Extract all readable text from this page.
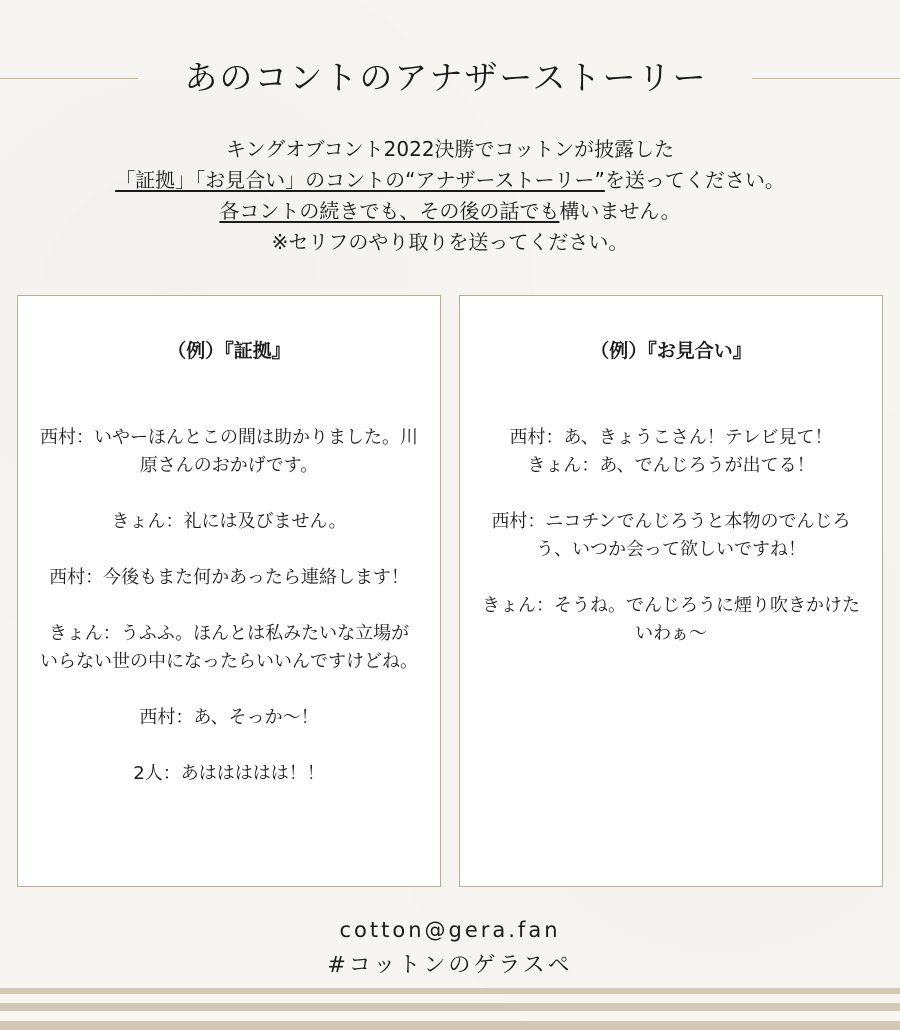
あのコントのアナザーストーリー
キングオブコント2022決勝でコットンが披露した
「証拠」「お見合い」のコントの“アナザーストーリー”を送ってください。
各コントの続きでも、その後の話でも構いません。
※セリフのやり取りを送ってください。
（例）『証拠』

西村：いやーほんとこの間は助かりました。川原さんのおかげです。

きょん：礼には及びません。

西村：今後もまた何かあったら連絡します！

きょん：うふふ。ほんとは私みたいな立場がいらない世の中になったらいいんですけどね。

西村：あ、そっか〜！

2人：あははははは！！

（例）『お見合い』

西村：あ、きょうこさん！テレビ見て！

きょん：あ、でんじろうが出てる！

西村：ニコチンでんじろうと本物のでんじろう、いつか会って欲しいですね！

きょん：そうね。でんじろうに煙り吹きかけたいわぁ〜

cotton@gera.fan
#コットンのゲラスペ
